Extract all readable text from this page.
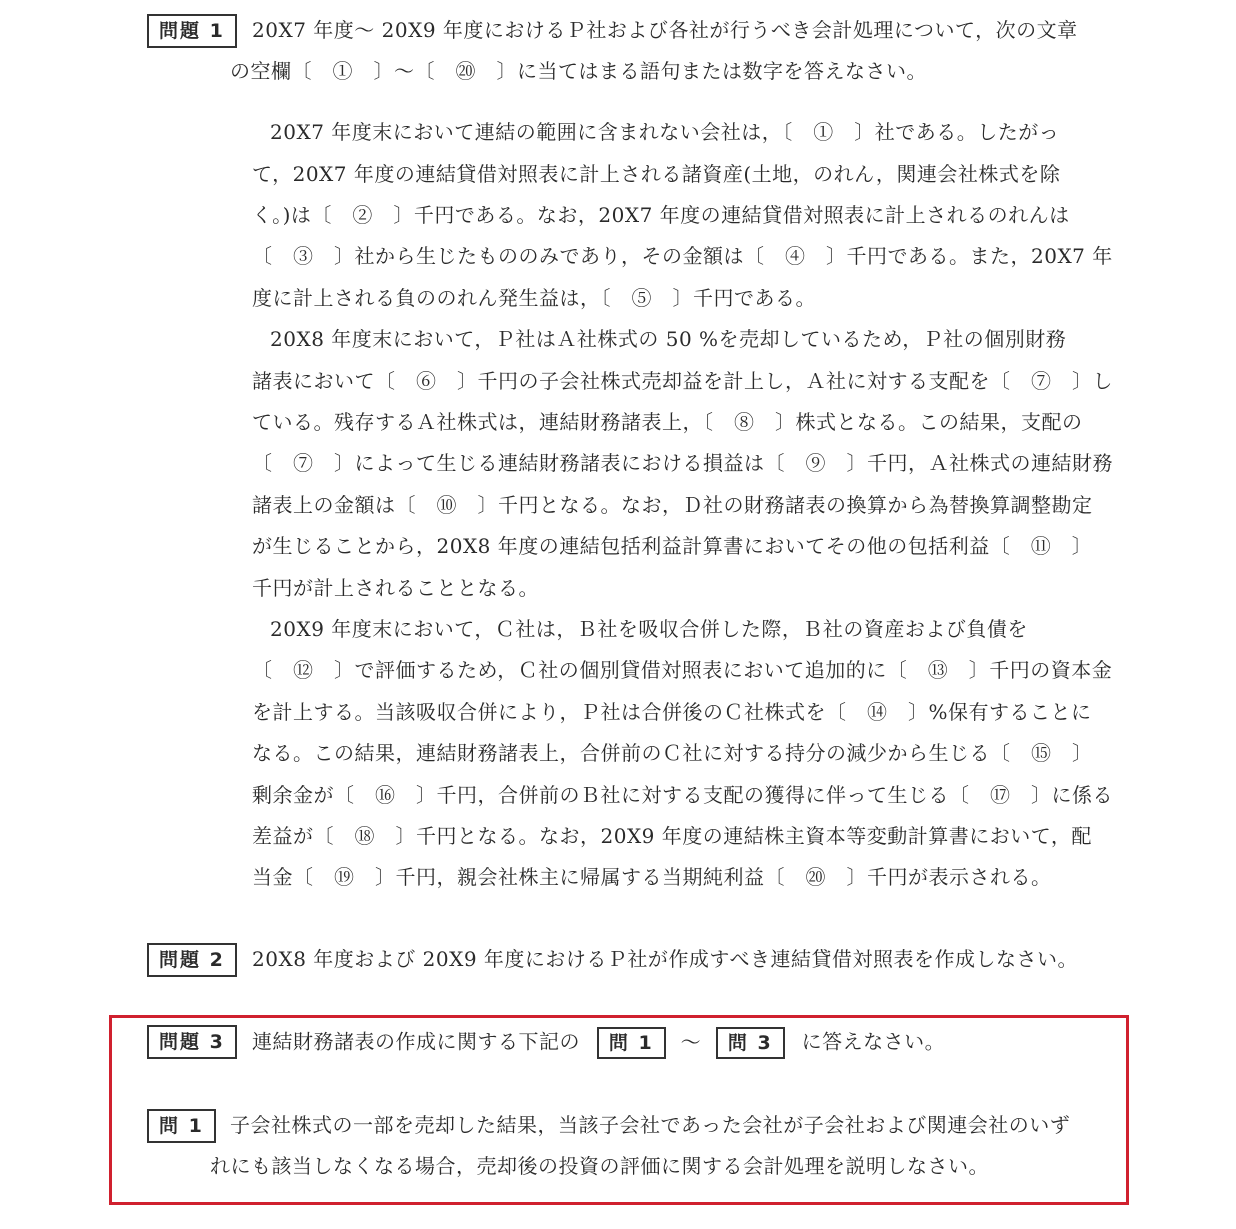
問題 1	20X7 年度～ 20X9 年度におけるＰ社および各社が行うべき会計処理について，次の文章
の空欄〔　①　〕～〔　⑳　〕に当てはまる語句または数字を答えなさい。
20X7 年度末において連結の範囲に含まれない会社は，〔　①　〕社である。したがっ
て，20X7 年度の連結貸借対照表に計上される諸資産(土地，のれん，関連会社株式を除
く。)は〔　②　〕千円である。なお，20X7 年度の連結貸借対照表に計上されるのれんは
〔　③　〕社から生じたもののみであり，その金額は〔　④　〕千円である。また，20X7 年
度に計上される負ののれん発生益は，〔　⑤　〕千円である。
20X8 年度末において，Ｐ社はＡ社株式の 50 %を売却しているため，Ｐ社の個別財務
諸表において〔　⑥　〕千円の子会社株式売却益を計上し，Ａ社に対する支配を〔　⑦　〕し
ている。残存するＡ社株式は，連結財務諸表上，〔　⑧　〕株式となる。この結果，支配の
〔　⑦　〕によって生じる連結財務諸表における損益は〔　⑨　〕千円，Ａ社株式の連結財務
諸表上の金額は〔　⑩　〕千円となる。なお，Ｄ社の財務諸表の換算から為替換算調整勘定
が生じることから，20X8 年度の連結包括利益計算書においてその他の包括利益〔　⑪　〕
千円が計上されることとなる。
20X9 年度末において，Ｃ社は，Ｂ社を吸収合併した際，Ｂ社の資産および負債を
〔　⑫　〕で評価するため，Ｃ社の個別貸借対照表において追加的に〔　⑬　〕千円の資本金
を計上する。当該吸収合併により，Ｐ社は合併後のＣ社株式を〔　⑭　〕%保有することに
なる。この結果，連結財務諸表上，合併前のＣ社に対する持分の減少から生じる〔　⑮　〕
剰余金が〔　⑯　〕千円，合併前のＢ社に対する支配の獲得に伴って生じる〔　⑰　〕に係る
差益が〔　⑱　〕千円となる。なお，20X9 年度の連結株主資本等変動計算書において，配
当金〔　⑲　〕千円，親会社株主に帰属する当期純利益〔　⑳　〕千円が表示される。
問題 2	20X8 年度および 20X9 年度におけるＰ社が作成すべき連結貸借対照表を作成しなさい。
問題 3	連結財務諸表の作成に関する下記の 問 1 ～ 問 3 に答えなさい。
問 1	子会社株式の一部を売却した結果，当該子会社であった会社が子会社および関連会社のいず
れにも該当しなくなる場合，売却後の投資の評価に関する会計処理を説明しなさい。
